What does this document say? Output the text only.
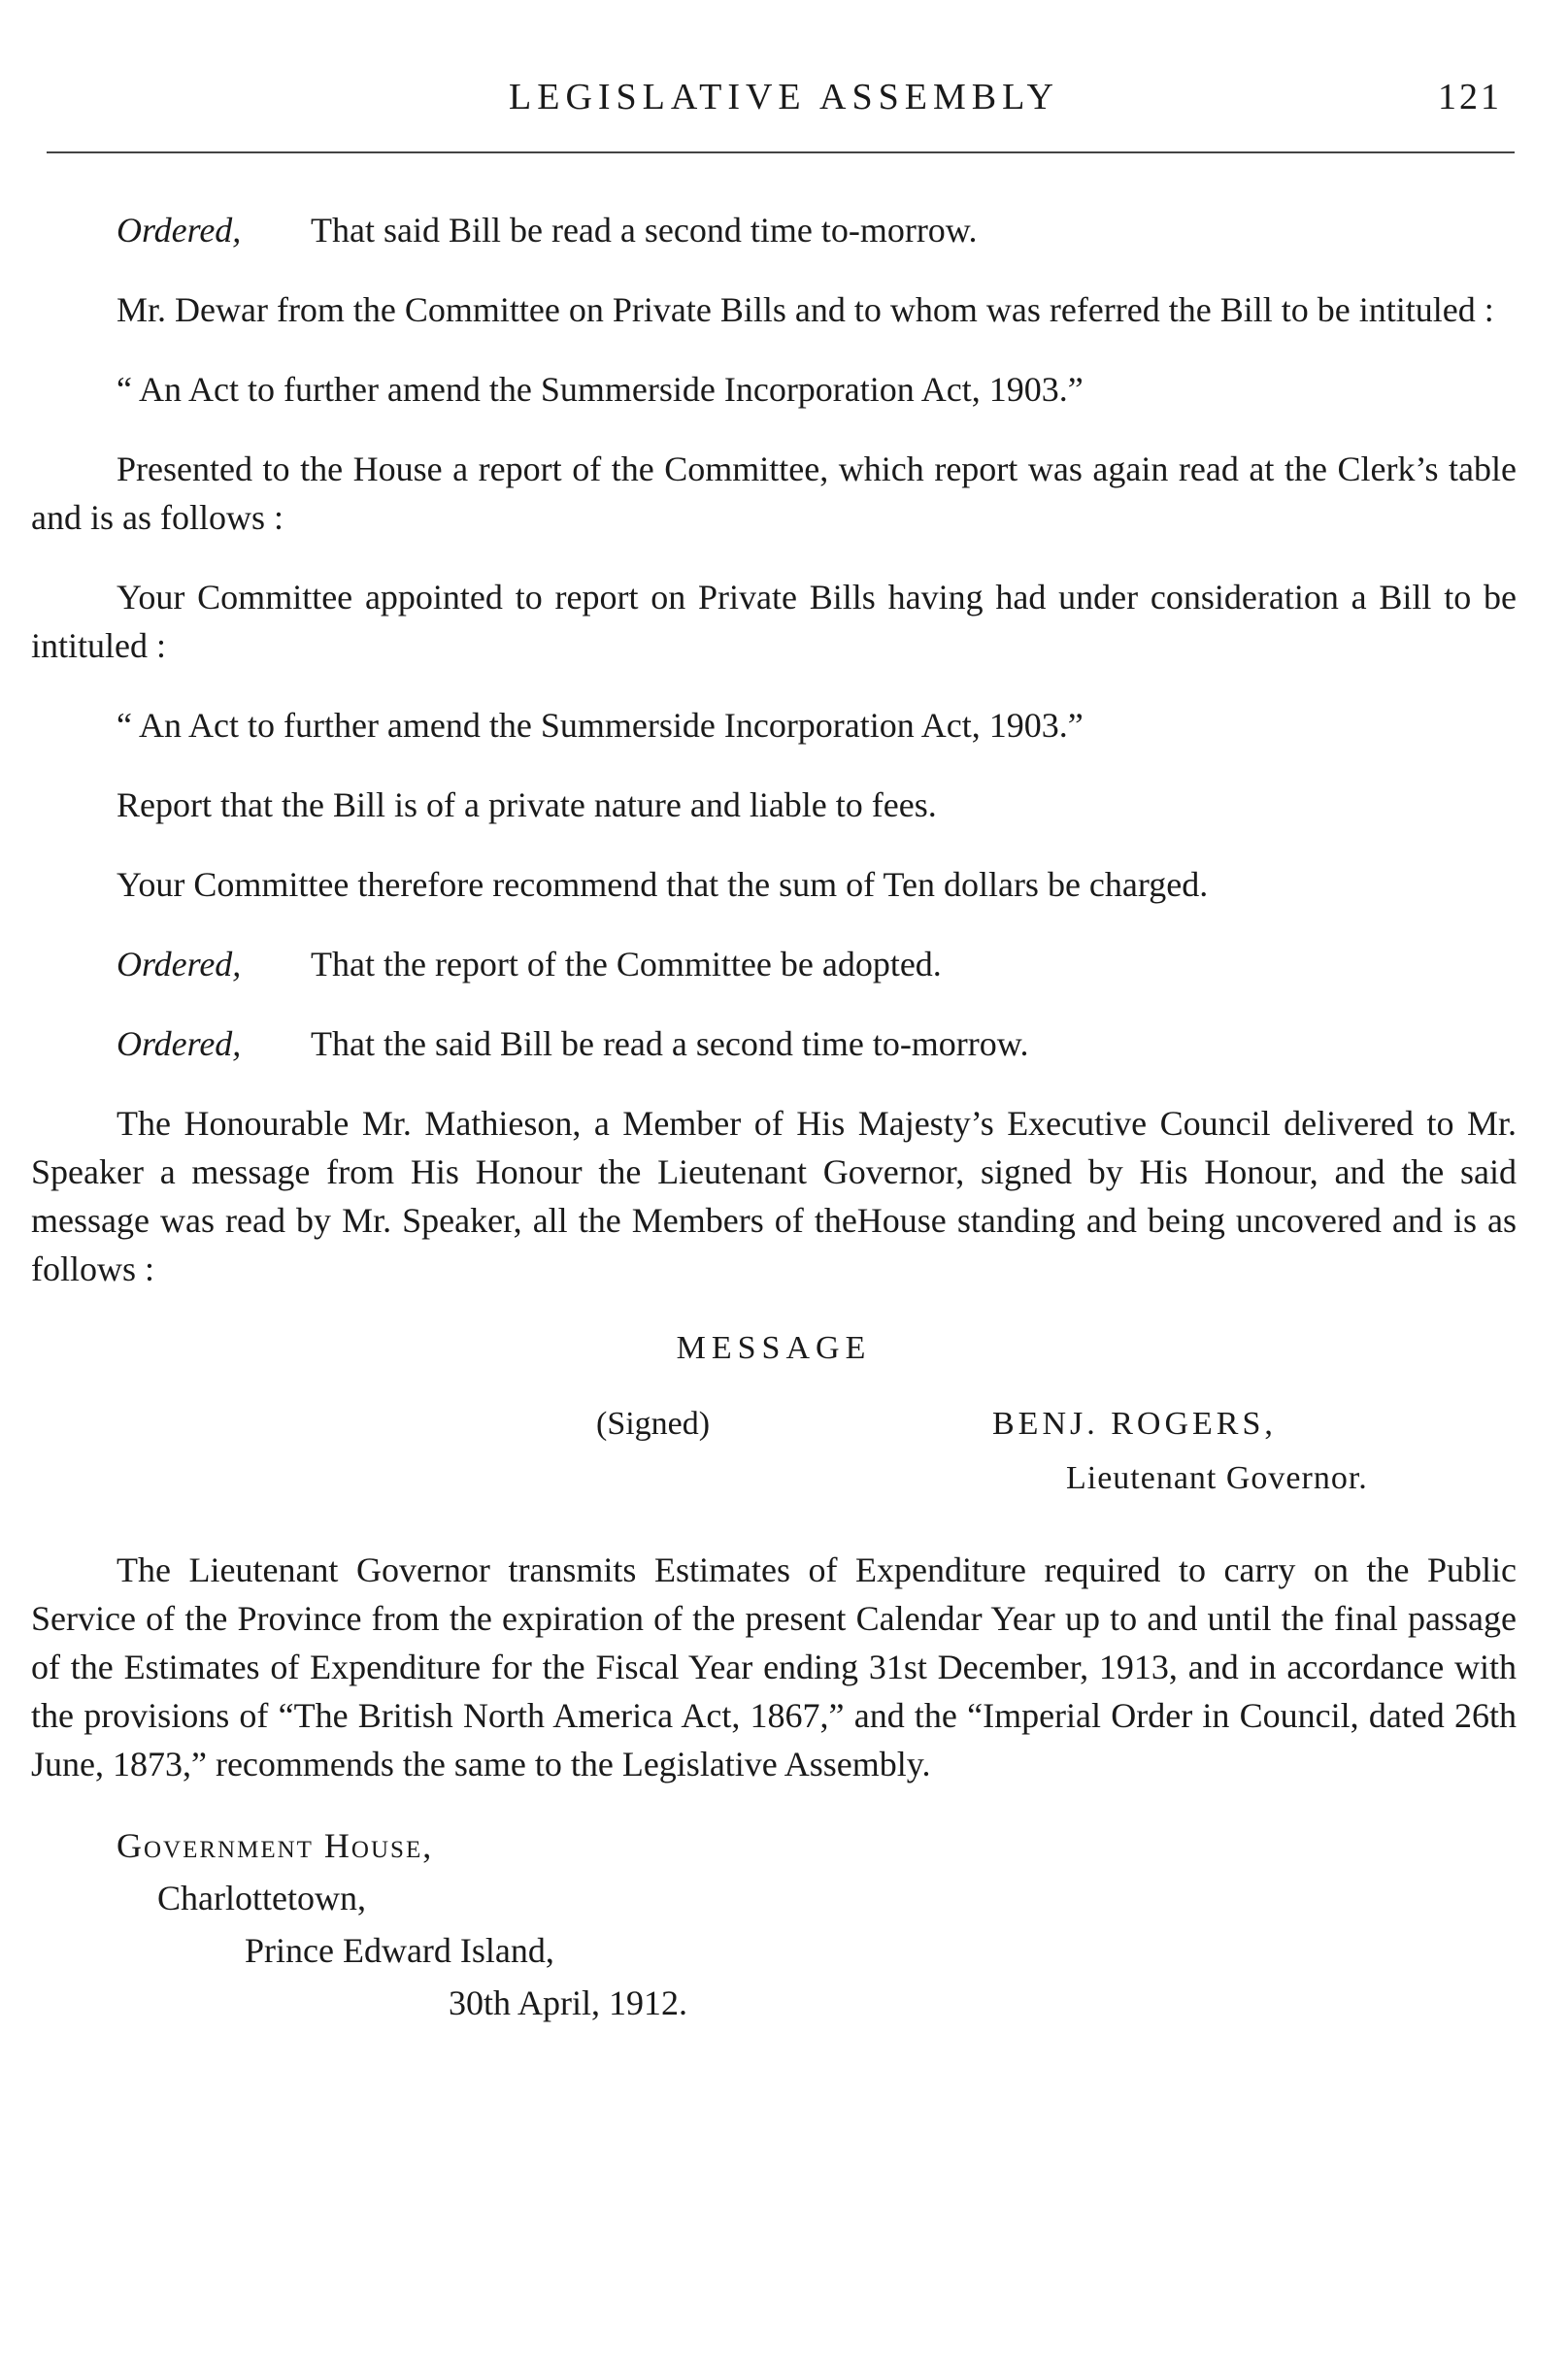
LEGISLATIVE ASSEMBLY	121

Ordered, That said Bill be read a second time to-morrow.

Mr. Dewar from the Committee on Private Bills and to whom was referred the Bill to be intituled :

“ An Act to further amend the Summerside Incorporation Act, 1903.”

Presented to the House a report of the Committee, which report was again read at the Clerk’s table and is as follows :

Your Committee appointed to report on Private Bills having had under consideration a Bill to be intituled :

“ An Act to further amend the Summerside Incorporation Act, 1903.”

Report that the Bill is of a private nature and liable to fees.

Your Committee therefore recommend that the sum of Ten dollars be charged.

Ordered, That the report of the Committee be adopted.

Ordered, That the said Bill be read a second time to-morrow.

The Honourable Mr. Mathieson, a Member of His Majesty’s Executive Council delivered to Mr. Speaker a message from His Honour the Lieutenant Governor, signed by His Honour, and the said message was read by Mr. Speaker, all the Members of theHouse standing and being uncovered and is as follows :

MESSAGE
(Signed)	BENJ. ROGERS,
Lieutenant Governor.

The Lieutenant Governor transmits Estimates of Expenditure required to carry on the Public Service of the Province from the expiration of the present Calendar Year up to and until the final passage of the Estimates of Expenditure for the Fiscal Year ending 31st December, 1913, and in accordance with the provisions of “The British North America Act, 1867,” and the “Imperial Order in Council, dated 26th June, 1873,” recommends the same to the Legislative Assembly.

Government House,
Charlottetown,
Prince Edward Island,
30th April, 1912.
